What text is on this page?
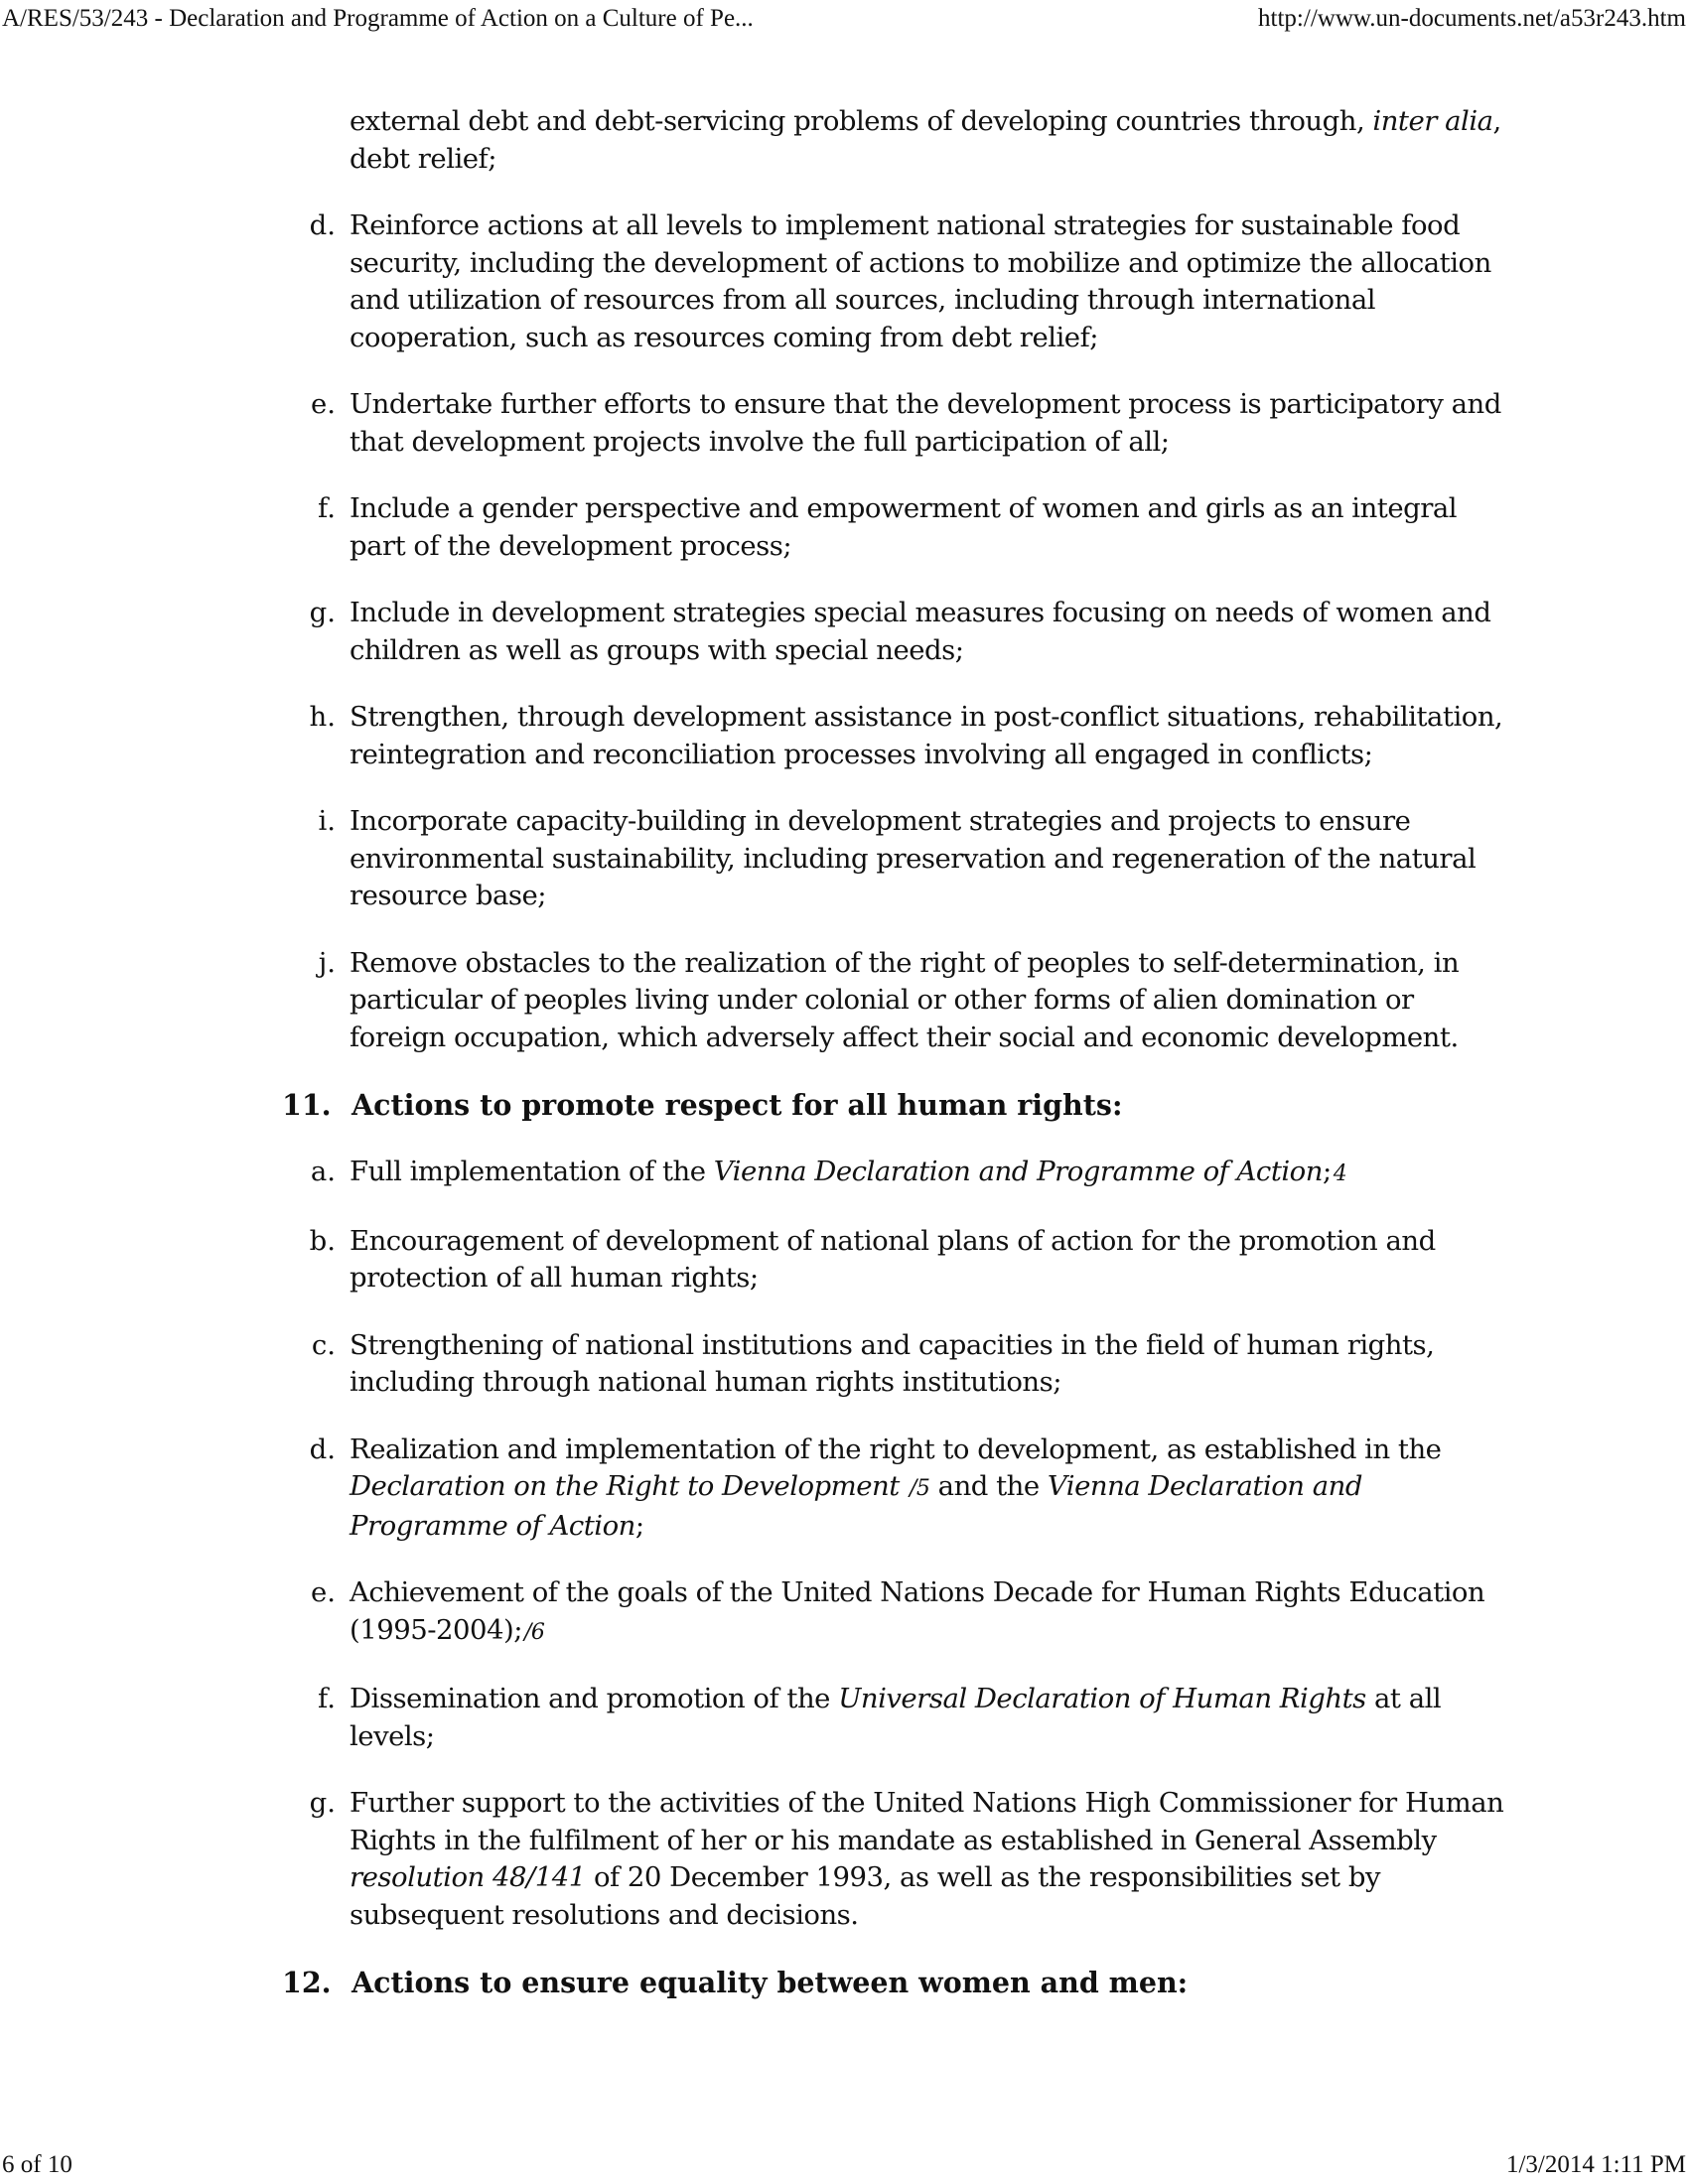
A/RES/53/243 - Declaration and Programme of Action on a Culture of Pe...	http://www.un-documents.net/a53r243.htm
external debt and debt-servicing problems of developing countries through, inter alia, debt relief;
d. Reinforce actions at all levels to implement national strategies for sustainable food security, including the development of actions to mobilize and optimize the allocation and utilization of resources from all sources, including through international cooperation, such as resources coming from debt relief;
e. Undertake further efforts to ensure that the development process is participatory and that development projects involve the full participation of all;
f. Include a gender perspective and empowerment of women and girls as an integral part of the development process;
g. Include in development strategies special measures focusing on needs of women and children as well as groups with special needs;
h. Strengthen, through development assistance in post-conflict situations, rehabilitation, reintegration and reconciliation processes involving all engaged in conflicts;
i. Incorporate capacity-building in development strategies and projects to ensure environmental sustainability, including preservation and regeneration of the natural resource base;
j. Remove obstacles to the realization of the right of peoples to self-determination, in particular of peoples living under colonial or other forms of alien domination or foreign occupation, which adversely affect their social and economic development.
11. Actions to promote respect for all human rights:
a. Full implementation of the Vienna Declaration and Programme of Action;4
b. Encouragement of development of national plans of action for the promotion and protection of all human rights;
c. Strengthening of national institutions and capacities in the field of human rights, including through national human rights institutions;
d. Realization and implementation of the right to development, as established in the Declaration on the Right to Development /5 and the Vienna Declaration and Programme of Action;
e. Achievement of the goals of the United Nations Decade for Human Rights Education (1995-2004);/6
f. Dissemination and promotion of the Universal Declaration of Human Rights at all levels;
g. Further support to the activities of the United Nations High Commissioner for Human Rights in the fulfilment of her or his mandate as established in General Assembly resolution 48/141 of 20 December 1993, as well as the responsibilities set by subsequent resolutions and decisions.
12. Actions to ensure equality between women and men:
6 of 10	1/3/2014 1:11 PM
